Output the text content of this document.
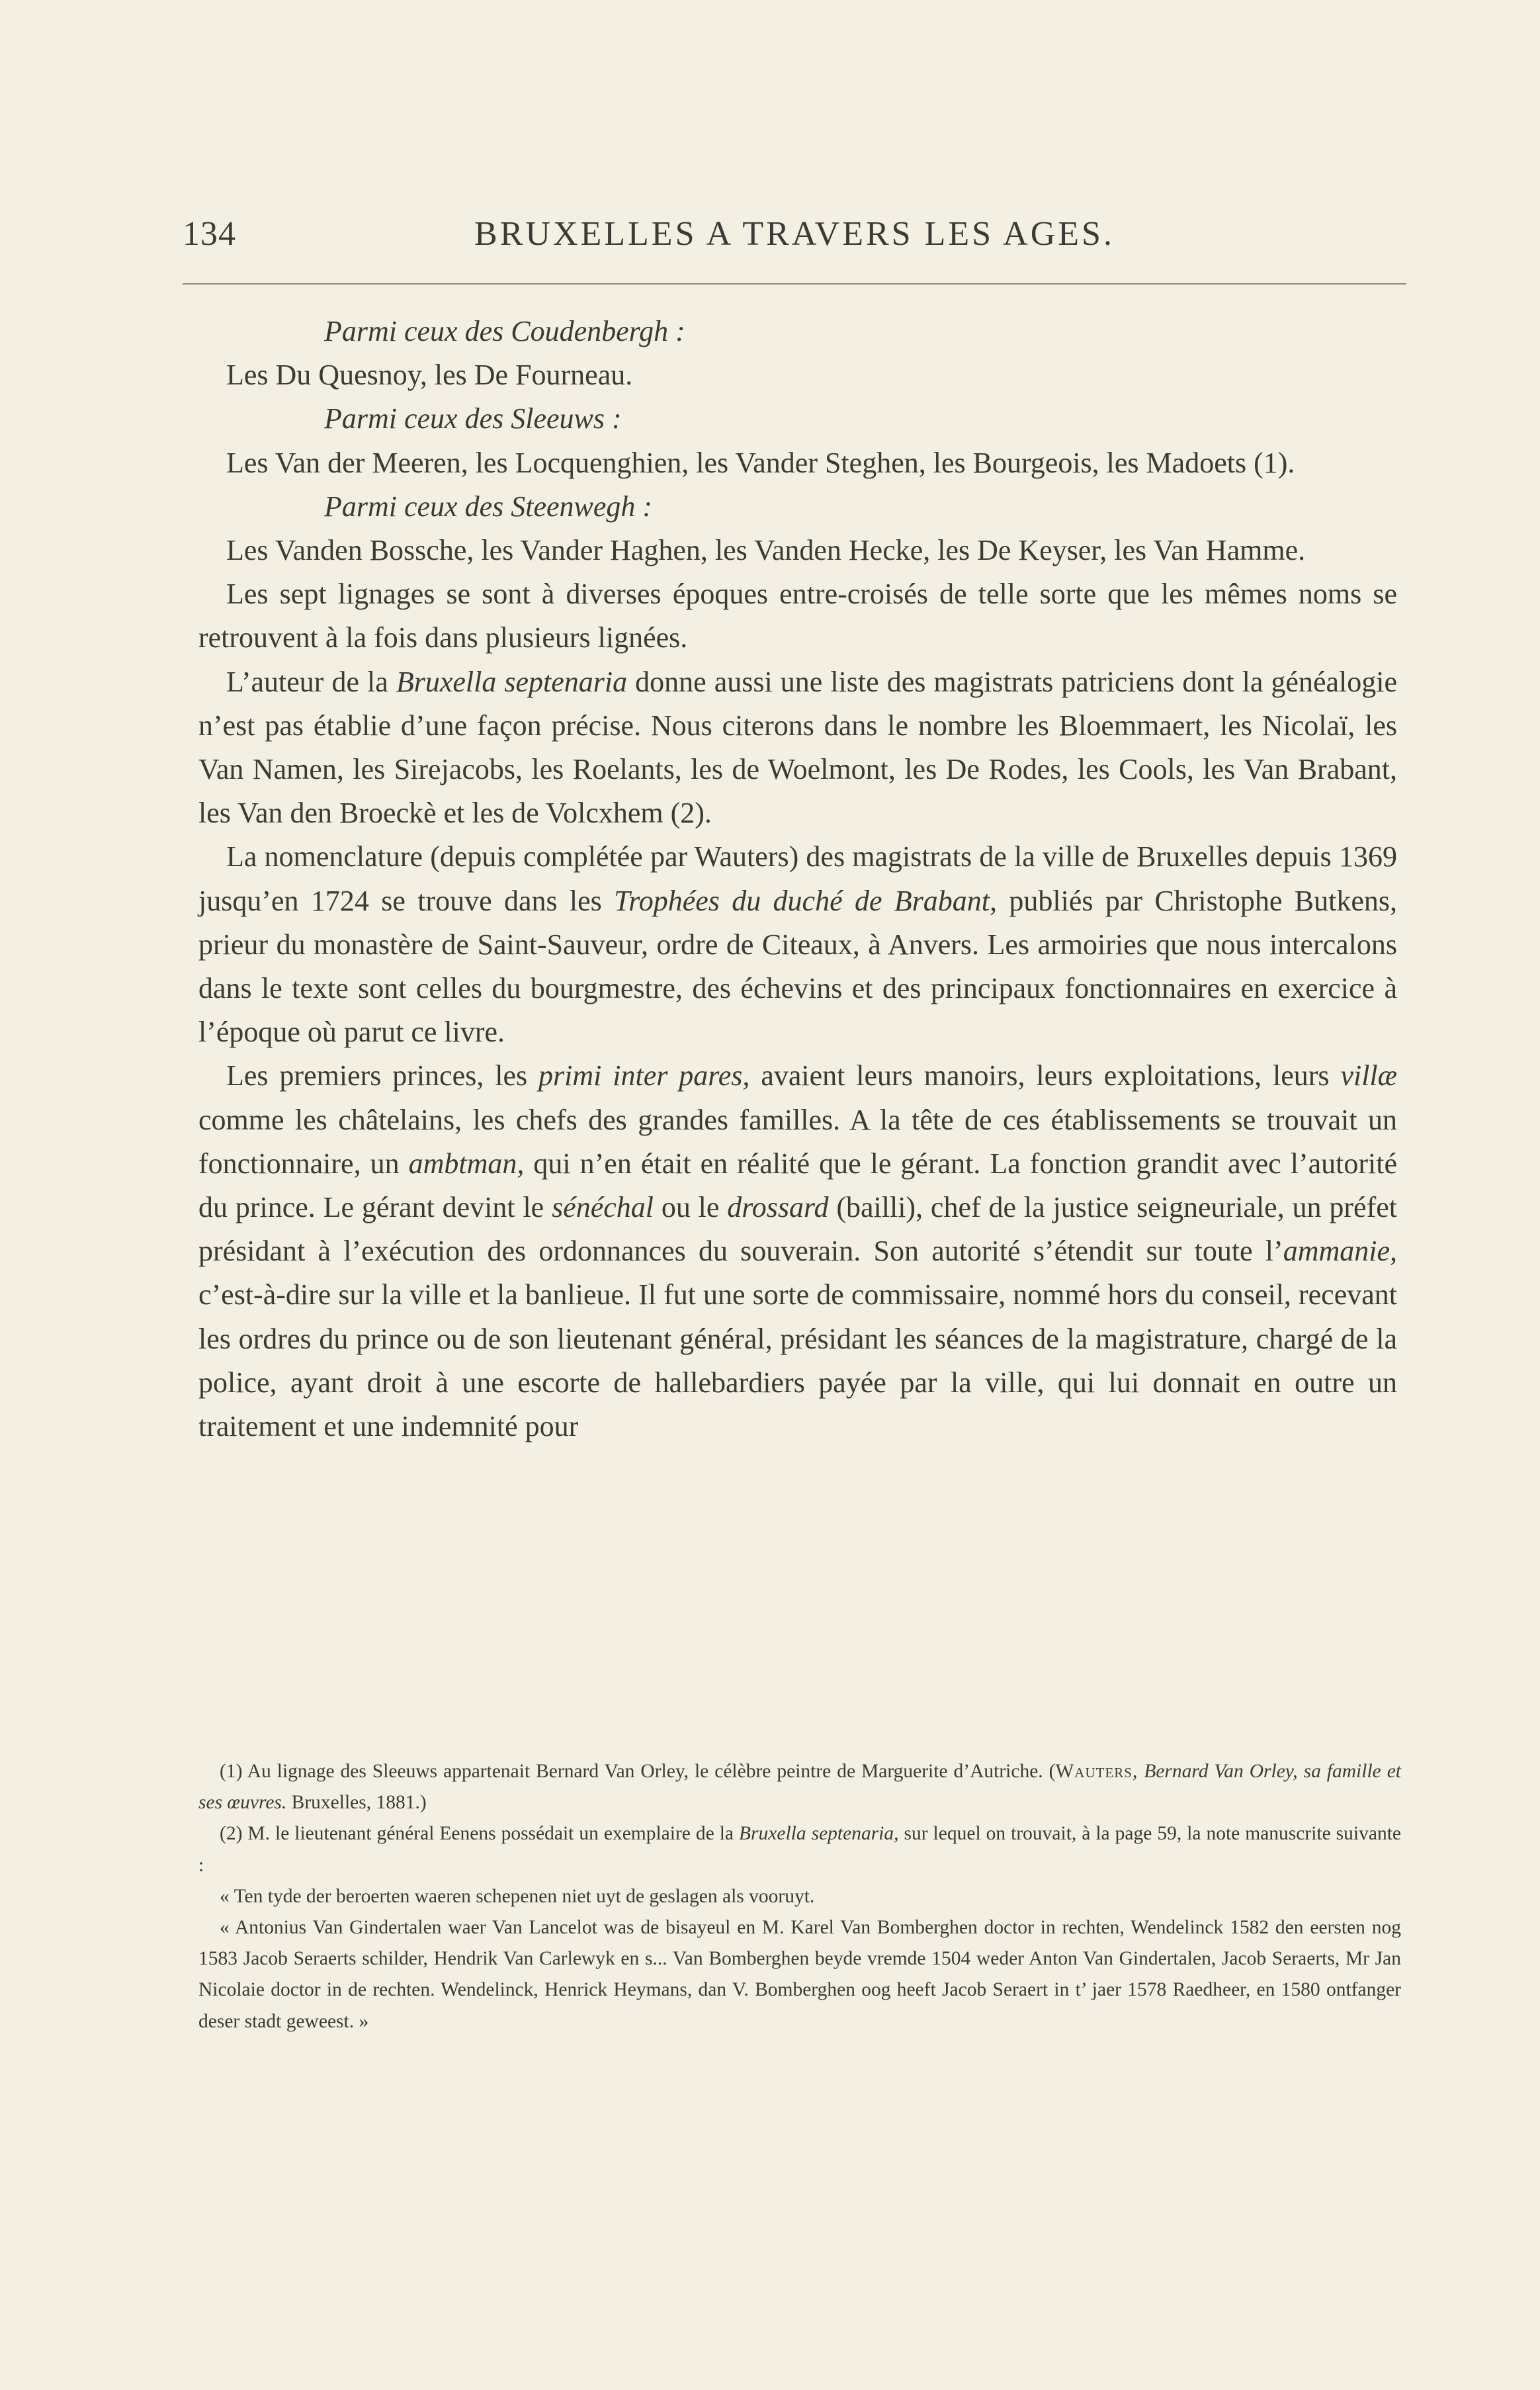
134	BRUXELLES A TRAVERS LES AGES.

Parmi ceux des Coudenbergh :

Les Du Quesnoy, les De Fourneau.

Parmi ceux des Sleeuws :

Les Van der Meeren, les Locquenghien, les Vander Steghen, les Bourgeois, les Madoets (1).

Parmi ceux des Steenwegh :

Les Vanden Bossche, les Vander Haghen, les Vanden Hecke, les De Keyser, les Van Hamme.

Les sept lignages se sont à diverses époques entre-croisés de telle sorte que les mêmes noms se retrouvent à la fois dans plusieurs lignées.

L’auteur de la Bruxella septenaria donne aussi une liste des magistrats patriciens dont la généalogie n’est pas établie d’une façon précise. Nous citerons dans le nombre les Bloemmaert, les Nicolaï, les Van Namen, les Sirejacobs, les Roelants, les de Woelmont, les De Rodes, les Cools, les Van Brabant, les Van den Broeckè et les de Volcxhem (2).

La nomenclature (depuis complétée par Wauters) des magistrats de la ville de Bruxelles depuis 1369 jusqu’en 1724 se trouve dans les Trophées du duché de Brabant, publiés par Christophe Butkens, prieur du monastère de Saint-Sauveur, ordre de Citeaux, à Anvers. Les armoiries que nous intercalons dans le texte sont celles du bourgmestre, des échevins et des principaux fonctionnaires en exercice à l’époque où parut ce livre.

Les premiers princes, les primi inter pares, avaient leurs manoirs, leurs exploitations, leurs villæ comme les châtelains, les chefs des grandes familles. A la tête de ces établissements se trouvait un fonctionnaire, un ambtman, qui n’en était en réalité que le gérant. La fonction grandit avec l’autorité du prince. Le gérant devint le sénéchal ou le drossard (bailli), chef de la justice seigneuriale, un préfet présidant à l’exécution des ordonnances du souverain. Son autorité s’étendit sur toute l’ammanie, c’est-à-dire sur la ville et la banlieue. Il fut une sorte de commissaire, nommé hors du conseil, recevant les ordres du prince ou de son lieutenant général, présidant les séances de la magistrature, chargé de la police, ayant droit à une escorte de hallebardiers payée par la ville, qui lui donnait en outre un traitement et une indemnité pour

(1) Au lignage des Sleeuws appartenait Bernard Van Orley, le célèbre peintre de Marguerite d’Autriche. (Wauters, Bernard Van Orley, sa famille et ses œuvres. Bruxelles, 1881.)

(2) M. le lieutenant général Eenens possédait un exemplaire de la Bruxella septenaria, sur lequel on trouvait, à la page 59, la note manuscrite suivante :

« Ten tyde der beroerten waeren schepenen niet uyt de geslagen als vooruyt.

« Antonius Van Gindertalen waer Van Lancelot was de bisayeul en M. Karel Van Bomberghen doctor in rechten, Wendelinck 1582 den eersten nog 1583 Jacob Seraerts schilder, Hendrik Van Carlewyk en s... Van Bomberghen beyde vremde 1504 weder Anton Van Gindertalen, Jacob Seraerts, Mr Jan Nicolaie doctor in de rechten. Wendelinck, Henrick Heymans, dan V. Bomberghen oog heeft Jacob Seraert in t’ jaer 1578 Raedheer, en 1580 ontfanger deser stadt geweest. »
